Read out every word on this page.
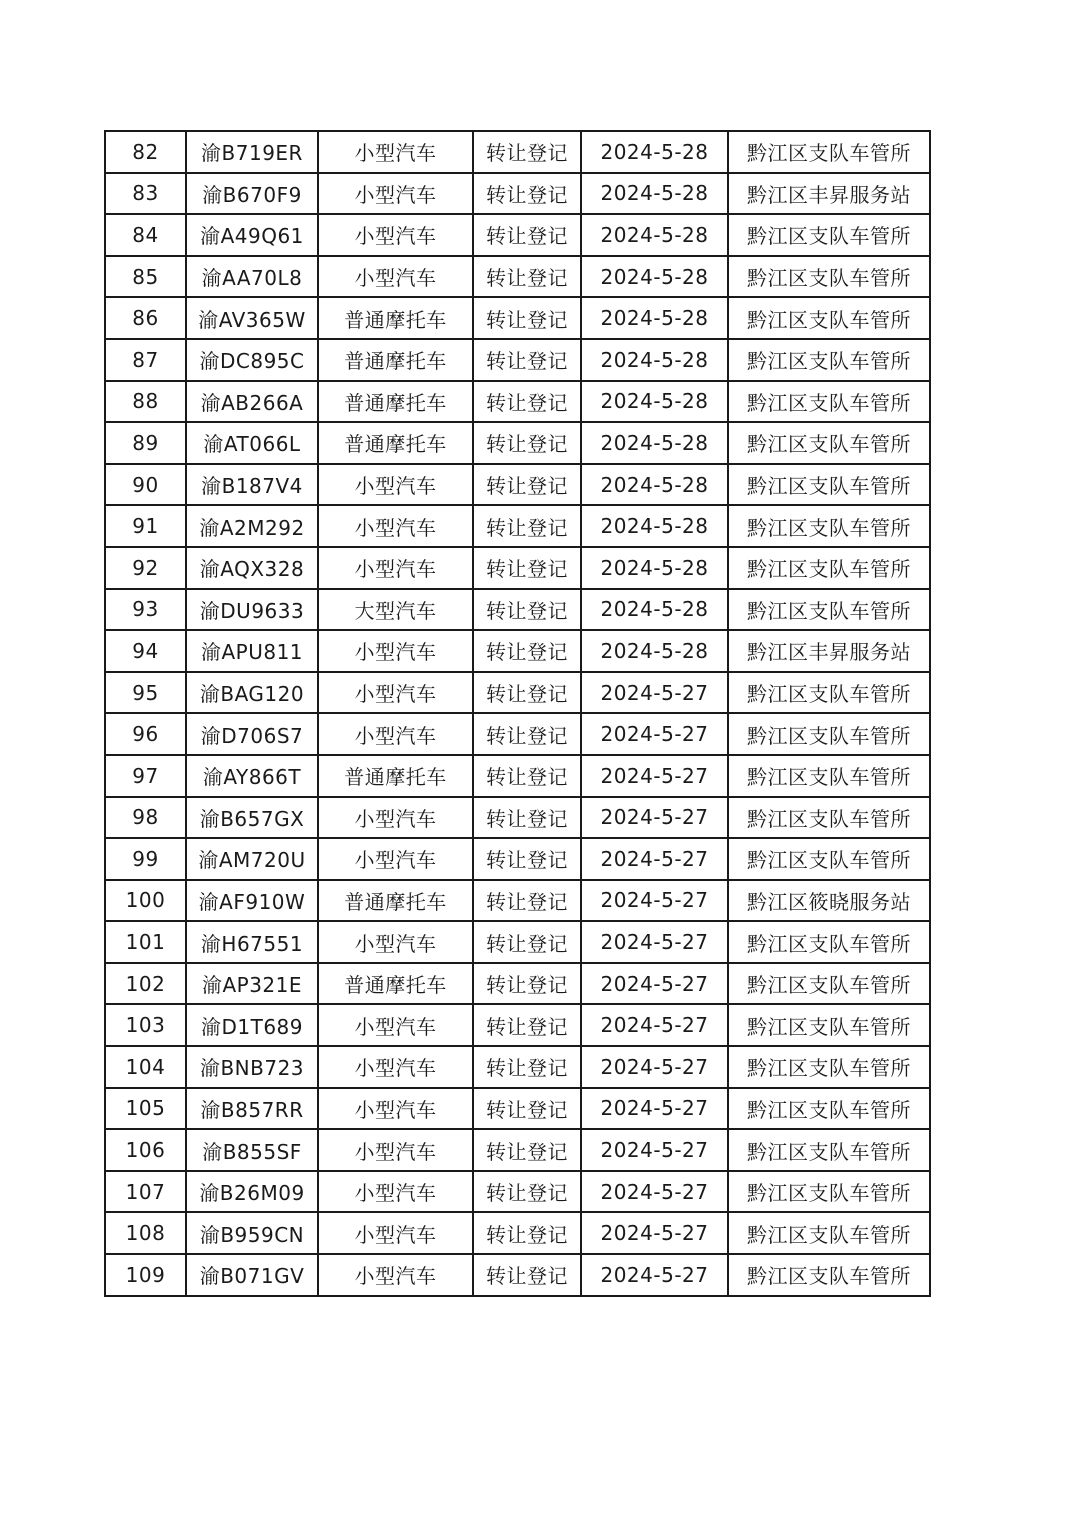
82	渝B719ER	小型汽车	转让登记	2024-5-28	黔江区支队车管所
83	渝B670F9	小型汽车	转让登记	2024-5-28	黔江区丰昇服务站
84	渝A49Q61	小型汽车	转让登记	2024-5-28	黔江区支队车管所
85	渝AA70L8	小型汽车	转让登记	2024-5-28	黔江区支队车管所
86	渝AV365W	普通摩托车	转让登记	2024-5-28	黔江区支队车管所
87	渝DC895C	普通摩托车	转让登记	2024-5-28	黔江区支队车管所
88	渝AB266A	普通摩托车	转让登记	2024-5-28	黔江区支队车管所
89	渝AT066L	普通摩托车	转让登记	2024-5-28	黔江区支队车管所
90	渝B187V4	小型汽车	转让登记	2024-5-28	黔江区支队车管所
91	渝A2M292	小型汽车	转让登记	2024-5-28	黔江区支队车管所
92	渝AQX328	小型汽车	转让登记	2024-5-28	黔江区支队车管所
93	渝DU9633	大型汽车	转让登记	2024-5-28	黔江区支队车管所
94	渝APU811	小型汽车	转让登记	2024-5-28	黔江区丰昇服务站
95	渝BAG120	小型汽车	转让登记	2024-5-27	黔江区支队车管所
96	渝D706S7	小型汽车	转让登记	2024-5-27	黔江区支队车管所
97	渝AY866T	普通摩托车	转让登记	2024-5-27	黔江区支队车管所
98	渝B657GX	小型汽车	转让登记	2024-5-27	黔江区支队车管所
99	渝AM720U	小型汽车	转让登记	2024-5-27	黔江区支队车管所
100	渝AF910W	普通摩托车	转让登记	2024-5-27	黔江区筱晓服务站
101	渝H67551	小型汽车	转让登记	2024-5-27	黔江区支队车管所
102	渝AP321E	普通摩托车	转让登记	2024-5-27	黔江区支队车管所
103	渝D1T689	小型汽车	转让登记	2024-5-27	黔江区支队车管所
104	渝BNB723	小型汽车	转让登记	2024-5-27	黔江区支队车管所
105	渝B857RR	小型汽车	转让登记	2024-5-27	黔江区支队车管所
106	渝B855SF	小型汽车	转让登记	2024-5-27	黔江区支队车管所
107	渝B26M09	小型汽车	转让登记	2024-5-27	黔江区支队车管所
108	渝B959CN	小型汽车	转让登记	2024-5-27	黔江区支队车管所
109	渝B071GV	小型汽车	转让登记	2024-5-27	黔江区支队车管所
